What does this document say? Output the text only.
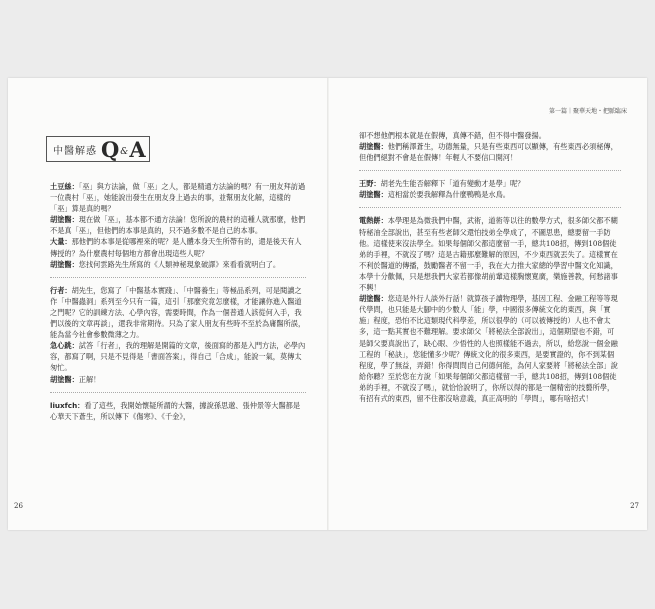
中醫解惑 Q & A

土豆絲：「巫」與方法論，做「巫」之人，都是精通方法論的嗎？有一朋友拜訪過一位農村「巫」，她能說出發生在朋友身上過去的事，並幫朋友化解，這樣的「巫」算是真的嗎？

胡塗醫：現在做「巫」，基本都不通方法論！您所說的農村的這種人就那麼，他們不是真「巫」，但他們的本事是真的，只不過多數不是自己的本事。

大量：那他們的本事是從哪裡來的呢？是人體本身天生所帶有的，還是後天有人傳授的？為什麼農村每個地方都會出現這些人呢？

胡塗醫：您找何雲路先生所寫的《人類神秘現象破譯》來看看就明白了。

行者：胡先生，您寫了「中醫基本實踐」、「中醫養生」等極品系列，可是閱讀之作「中醫蟲洞」系列至今只有一篇，這引「那麼究竟怎麼樣，才能讓你進入醫道之門呢？它的訓練方法、心學內容，需要時間，作為一個普通人該從何入手，我們以後的文章再談」，還我非常期待。只為了家人朋友有些時不至於為庸醫所誤，能為當今社會參數微薄之力。

急心跳：試答「行者」，我的理解是開篇的文章，後面寫的都是入門方法，必學內容，都寫了啊，只是不見得是「書面答案」，得自己「合成」，能說一氣，莫傳太匆忙。

胡塗醫：正解！

liuxfch：看了這些，我開始懷疑所謂的大醫，據說孫思邈、張仲景等大醫都是心華天下蒼生，所以傳下《傷寒》、《千金》，

26
第一篇｜聚華天地・把脈臨床

卻不想他們根本就是在假傳，真傳不錯，但不得中醫發揚。

胡塗醫：他們稱澤蒼生，功德無量，只是有些東西可以顯傳，有些東西必須秘傳，但他們絕對不會是在假傳！年輕人不要信口開河！

王野：胡老先生能否解釋下「道有變動才是學」呢？

胡塗醫：這相當於要我解釋為什麼鴨鴨是水鳥。

電熱餅：本學理是為微我們中醫，武術，道術等以往的數學方式，很多師父都不糊特秘油全部說出，甚至有些老師父還怕技弟全學成了，不圖思患，總要留一手防他。這樣使來沒法學全。如果每個師父都這麼留一手，總共108招，傳到108個徒弟的手裡，不就沒了嗎？這是古籍那麼難解的原因，不少東西就丟失了。這樣實在不利於醫道的傳播，鼓勵醫者不留一手，我在大力推大家總的學習中醫文化知識，本學十分歡佩，只是想我們大家若都像胡前輩這樣胸懷寬廣，樂施善教，何愁諸事不興！

胡塗醫：您這是外行人談外行話！就算孩子讀物理學，基因工程、金融工程等等現代學問，也只能是大腳中的少數人「能」學，中國很多傳統文化的東西，與「實施」程度，恐怕不比這類現代科學差，所以很學的（可以被傳授的）人也不會太多，這一點其實也不難理解。要求師父「將秘法全部說出」，這個期望也不錯，可是師父要真說出了，缺心眼、少悟性的人也照樣能不過去，所以，給您說一個金融工程的「秘訣」，您能懂多少呢？傳統文化的很多東西，是要實證的，你不到某個程度，學了無益，弄錯！你得問問自己何德何能，為何人家要將「將秘法全部」說給你聽？至於您在方說「如果每個師父都這樣留一手，總共108招，傳到108個徒弟的手裡，不就沒了嗎」，就恰恰說明了，你所以得的都是一個精密的技藝所學，有招有式的東西，留不住都沒啥意義，真正高明的「學問」，哪有啥招式！

27
